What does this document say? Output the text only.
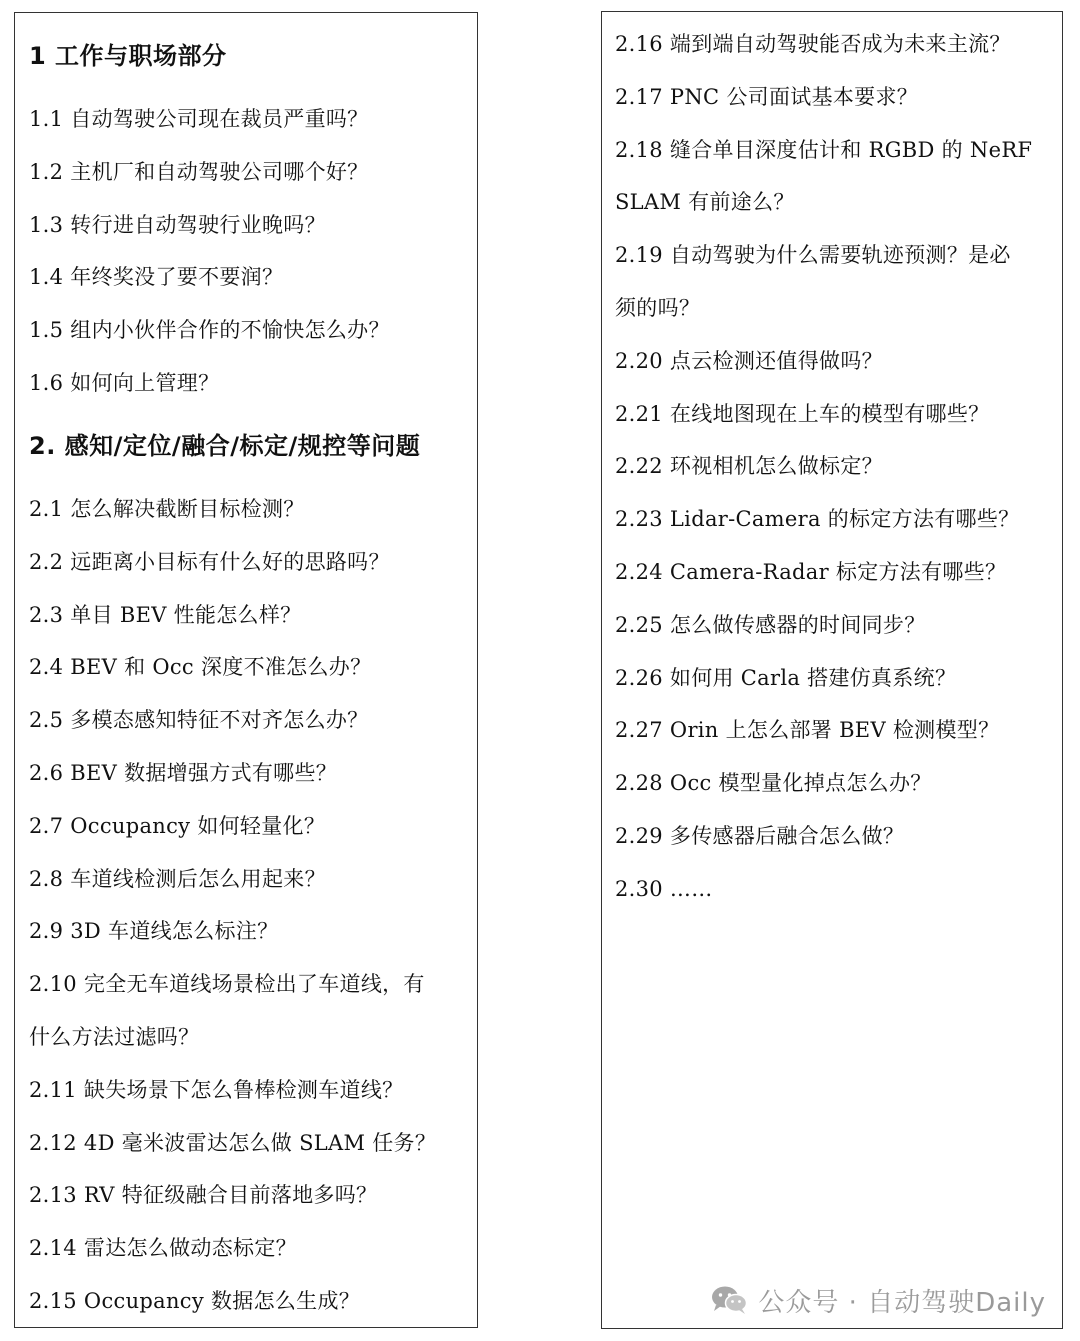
1 工作与职场部分
1.1 自动驾驶公司现在裁员严重吗？
1.2 主机厂和自动驾驶公司哪个好？
1.3 转行进自动驾驶行业晚吗？
1.4 年终奖没了要不要润？
1.5 组内小伙伴合作的不愉快怎么办？
1.6 如何向上管理？
2. 感知/定位/融合/标定/规控等问题
2.1 怎么解决截断目标检测？
2.2 远距离小目标有什么好的思路吗？
2.3 单目 BEV 性能怎么样？
2.4 BEV 和 Occ 深度不准怎么办？
2.5 多模态感知特征不对齐怎么办？
2.6 BEV 数据增强方式有哪些？
2.7 Occupancy 如何轻量化？
2.8 车道线检测后怎么用起来？
2.9 3D 车道线怎么标注？
2.10 完全无车道线场景检出了车道线，有
什么方法过滤吗？
2.11 缺失场景下怎么鲁棒检测车道线？
2.12 4D 毫米波雷达怎么做 SLAM 任务？
2.13 RV 特征级融合目前落地多吗？
2.14 雷达怎么做动态标定？
2.15 Occupancy 数据怎么生成？
2.16 端到端自动驾驶能否成为未来主流？
2.17 PNC 公司面试基本要求？
2.18 缝合单目深度估计和 RGBD 的 NeRF
SLAM 有前途么？
2.19 自动驾驶为什么需要轨迹预测？是必
须的吗？
2.20 点云检测还值得做吗？
2.21 在线地图现在上车的模型有哪些？
2.22 环视相机怎么做标定？
2.23 Lidar-Camera 的标定方法有哪些？
2.24 Camera-Radar 标定方法有哪些？
2.25 怎么做传感器的时间同步？
2.26 如何用 Carla 搭建仿真系统？
2.27 Orin 上怎么部署 BEV 检测模型？
2.28 Occ 模型量化掉点怎么办？
2.29 多传感器后融合怎么做？
2.30 ……
公众号 · 自动驾驶Daily
